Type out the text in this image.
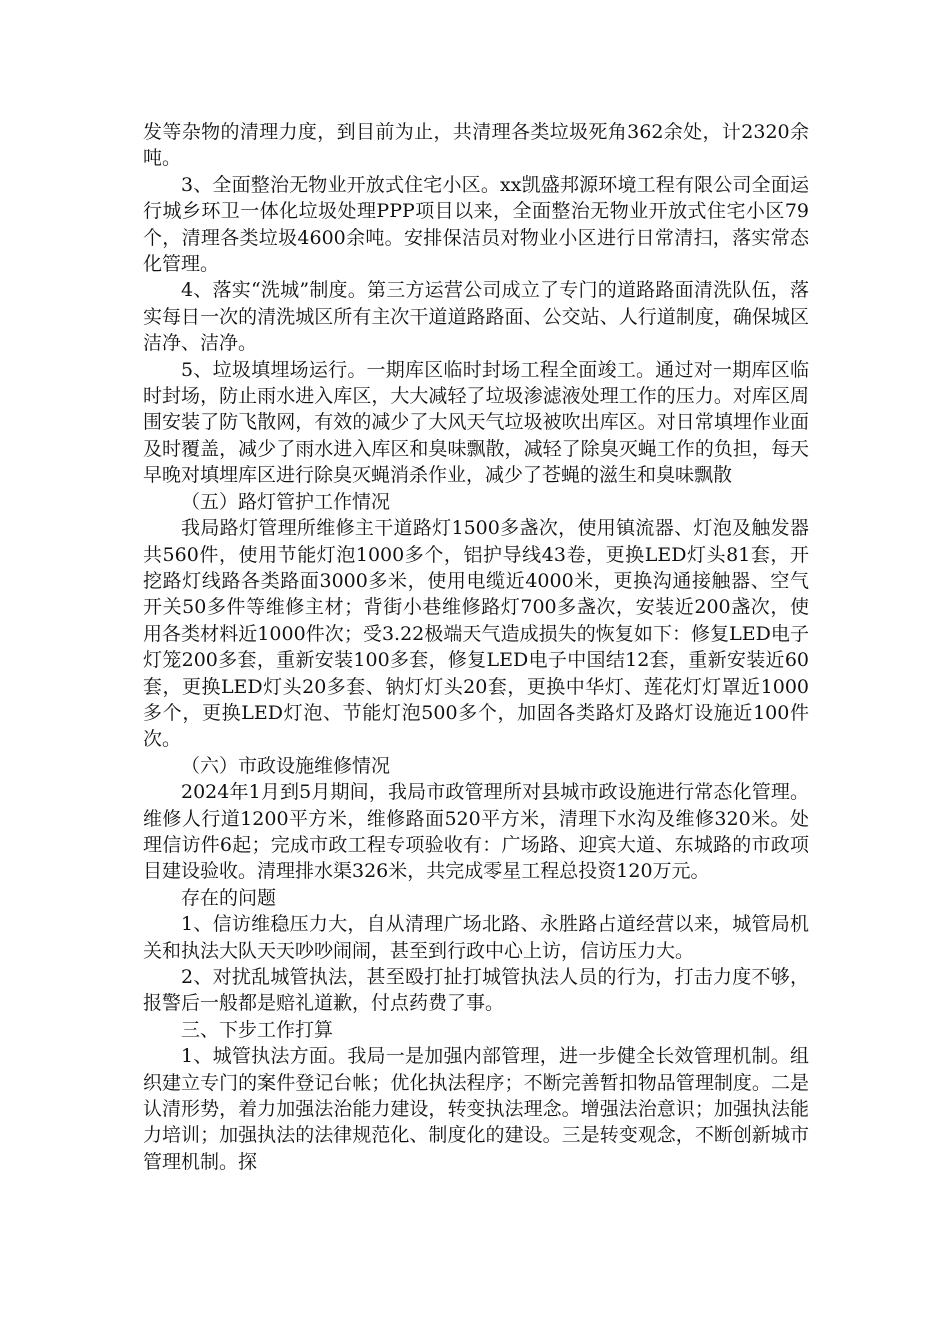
发等杂物的清理力度，到目前为止，共清理各类垃圾死角362余处，计2320余吨。

3、全面整治无物业开放式住宅小区。xx凯盛邦源环境工程有限公司全面运行城乡环卫一体化垃圾处理PPP项目以来，全面整治无物业开放式住宅小区79个，清理各类垃圾4600余吨。安排保洁员对物业小区进行日常清扫，落实常态化管理。

4、落实“洗城”制度。第三方运营公司成立了专门的道路路面清洗队伍，落实每日一次的清洗城区所有主次干道道路路面、公交站、人行道制度，确保城区洁净、洁净。

5、垃圾填埋场运行。一期库区临时封场工程全面竣工。通过对一期库区临时封场，防止雨水进入库区，大大减轻了垃圾渗滤液处理工作的压力。对库区周围安装了防飞散网，有效的减少了大风天气垃圾被吹出库区。对日常填埋作业面及时覆盖，减少了雨水进入库区和臭味飘散，减轻了除臭灭蝇工作的负担，每天早晚对填埋库区进行除臭灭蝇消杀作业，减少了苍蝇的滋生和臭味飘散

（五）路灯管护工作情况

我局路灯管理所维修主干道路灯1500多盏次，使用镇流器、灯泡及触发器共560件，使用节能灯泡1000多个，铝护导线43卷，更换LED灯头81套，开挖路灯线路各类路面3000多米，使用电缆近4000米，更换沟通接触器、空气开关50多件等维修主材；背街小巷维修路灯700多盏次，安装近200盏次，使用各类材料近1000件次；受3.22极端天气造成损失的恢复如下：修复LED电子灯笼200多套，重新安装100多套，修复LED电子中国结12套，重新安装近60套，更换LED灯头20多套、钠灯灯头20套，更换中华灯、莲花灯灯罩近1000多个，更换LED灯泡、节能灯泡500多个，加固各类路灯及路灯设施近100件次。

（六）市政设施维修情况

2024年1月到5月期间，我局市政管理所对县城市政设施进行常态化管理。维修人行道1200平方米，维修路面520平方米，清理下水沟及维修320米。处理信访件6起；完成市政工程专项验收有：广场路、迎宾大道、东城路的市政项目建设验收。清理排水渠326米，共完成零星工程总投资120万元。

存在的问题

1、信访维稳压力大，自从清理广场北路、永胜路占道经营以来，城管局机关和执法大队天天吵吵闹闹，甚至到行政中心上访，信访压力大。

2、对扰乱城管执法，甚至殴打扯打城管执法人员的行为，打击力度不够，报警后一般都是赔礼道歉，付点药费了事。

三、下步工作打算

1、城管执法方面。我局一是加强内部管理，进一步健全长效管理机制。组织建立专门的案件登记台帐；优化执法程序；不断完善暂扣物品管理制度。二是认清形势，着力加强法治能力建设，转变执法理念。增强法治意识；加强执法能力培训；加强执法的法律规范化、制度化的建设。三是转变观念，不断创新城市管理机制。探
